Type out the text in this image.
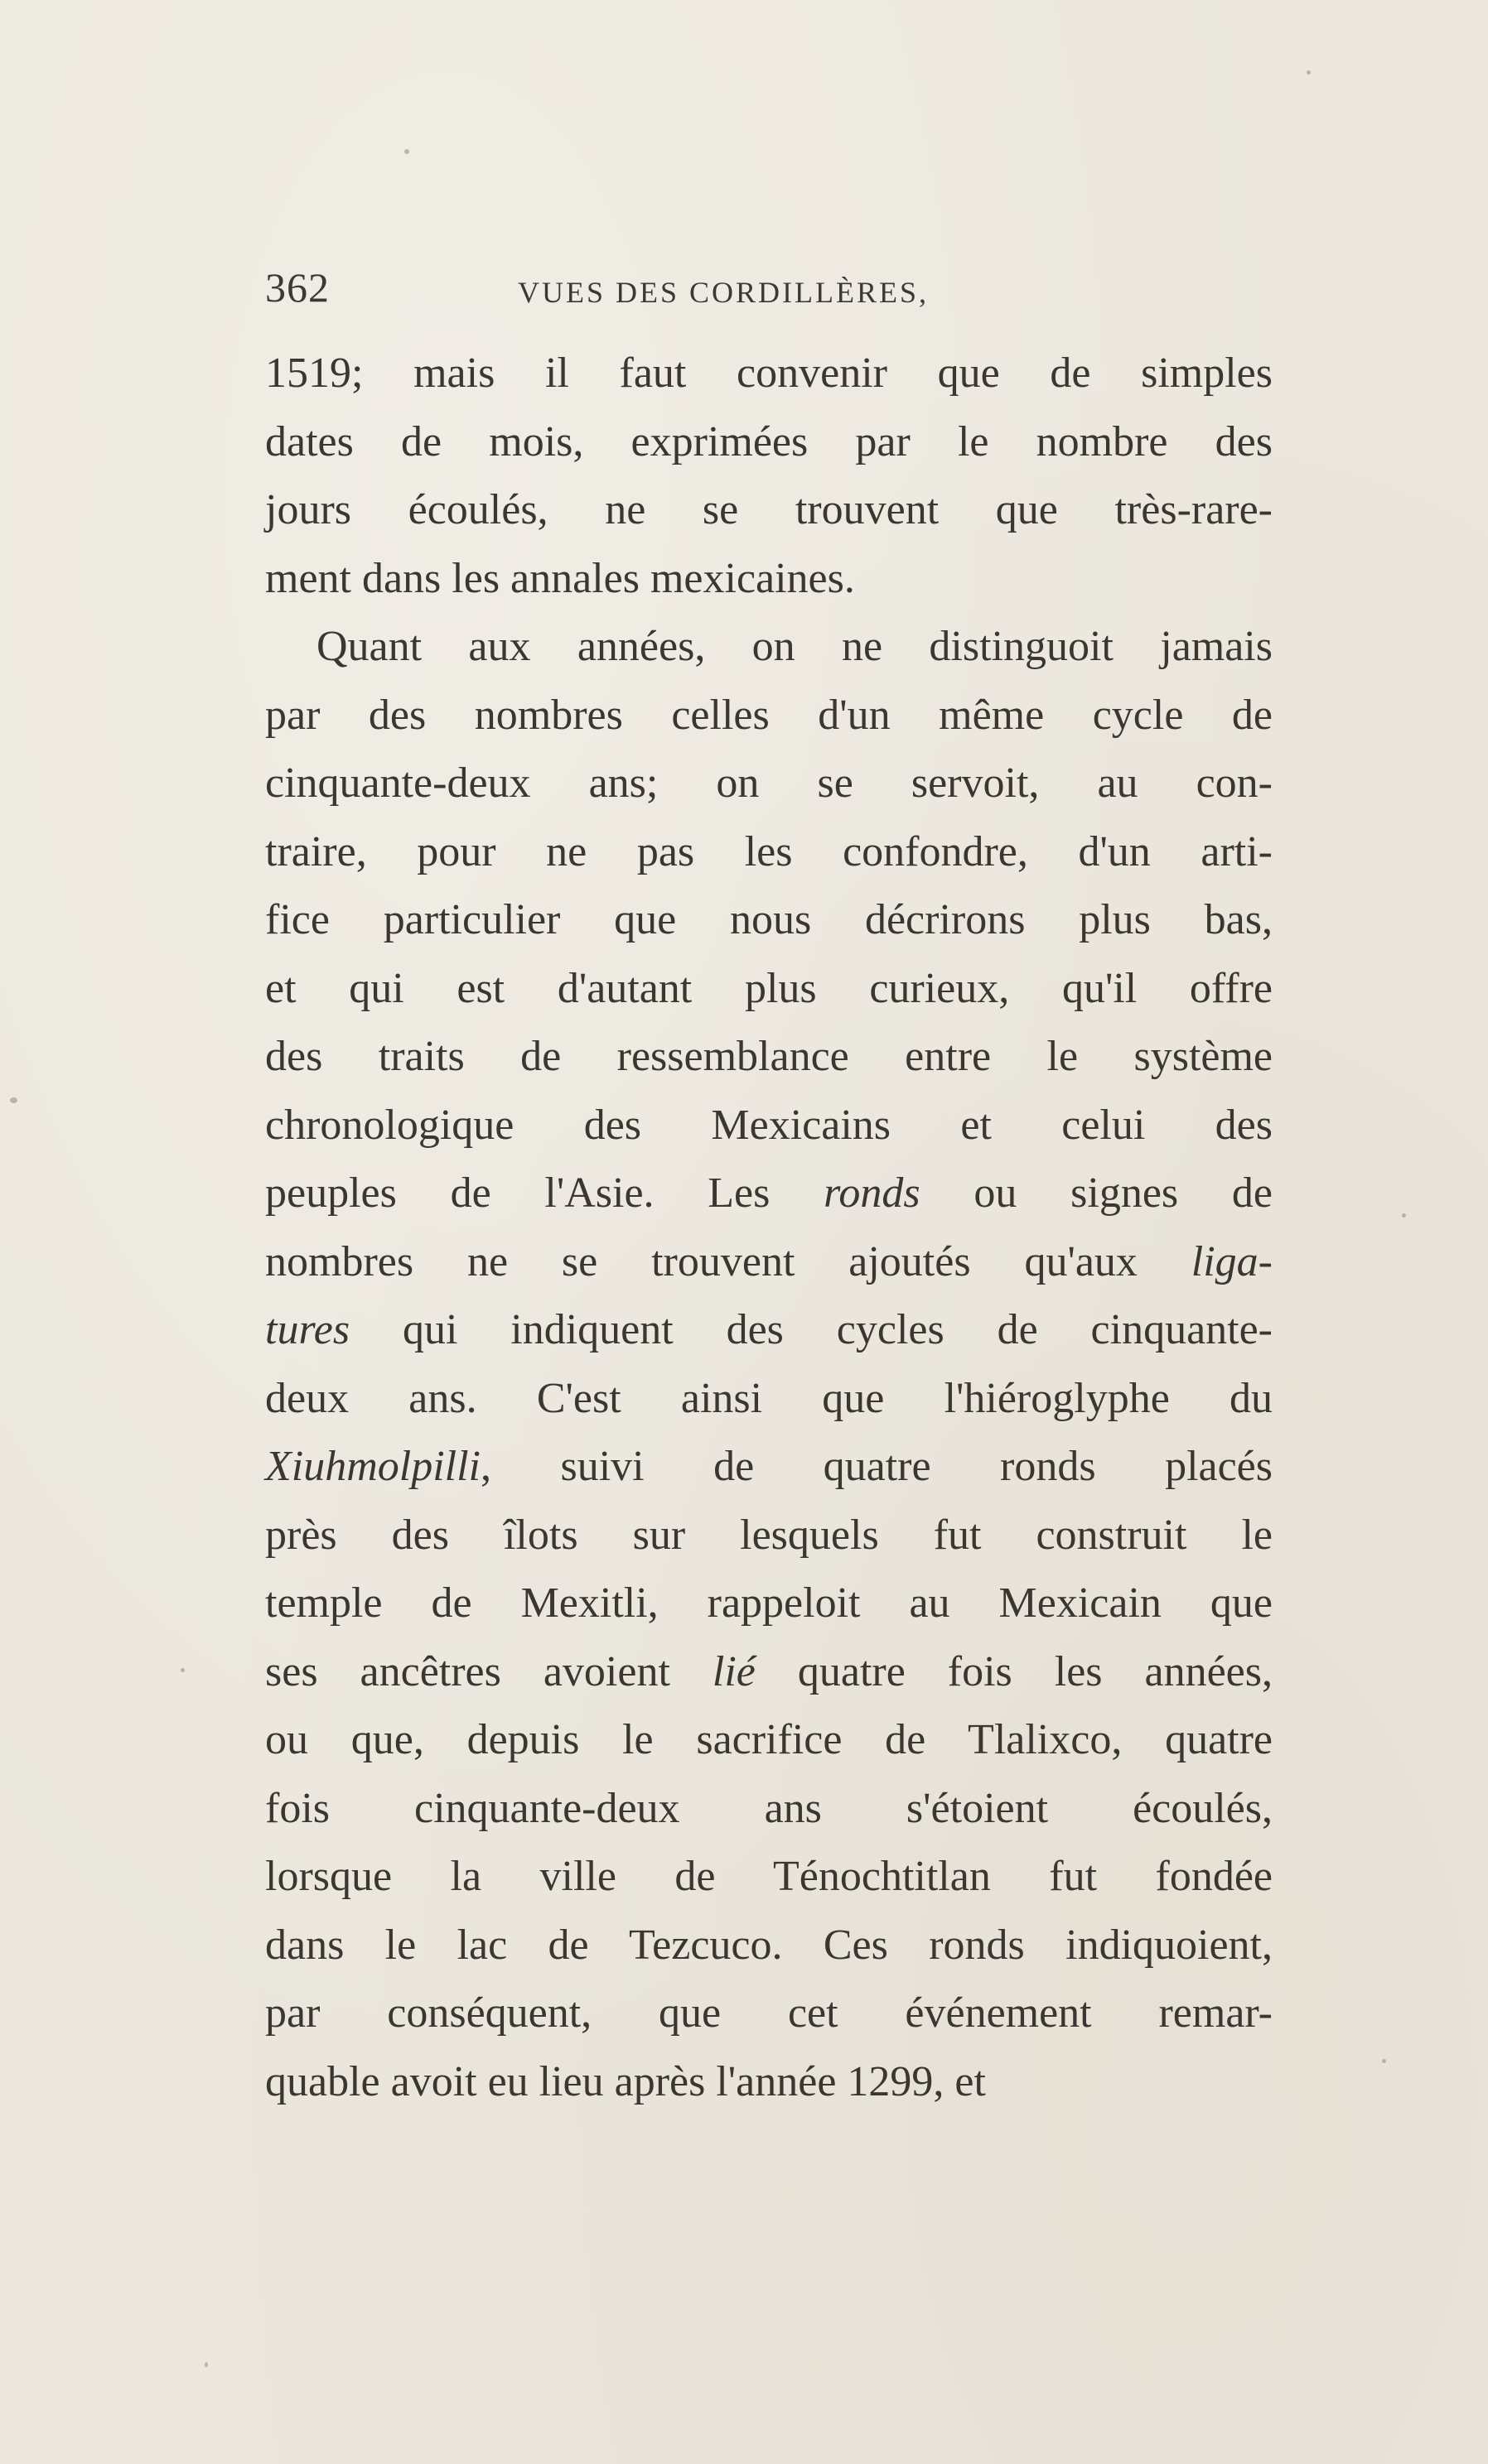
362	VUES DES CORDILLÈRES,
1519; mais il faut convenir que de simples
dates de mois, exprimées par le nombre des
jours écoulés, ne se trouvent que très-rare-
ment dans les annales mexicaines.
Quant aux années, on ne distinguoit jamais
par des nombres celles d'un même cycle de
cinquante-deux ans; on se servoit, au con-
traire, pour ne pas les confondre, d'un arti-
fice particulier que nous décrirons plus bas,
et qui est d'autant plus curieux, qu'il offre
des traits de ressemblance entre le système
chronologique des Mexicains et celui des
peuples de l'Asie. Les ronds ou signes de
nombres ne se trouvent ajoutés qu'aux liga-
tures qui indiquent des cycles de cinquante-
deux ans. C'est ainsi que l'hiéroglyphe du
Xiuhmolpilli, suivi de quatre ronds placés
près des îlots sur lesquels fut construit le
temple de Mexitli, rappeloit au Mexicain que
ses ancêtres avoient lié quatre fois les années,
ou que, depuis le sacrifice de Tlalixco, quatre
fois cinquante-deux ans s'étoient écoulés,
lorsque la ville de Ténochtitlan fut fondée
dans le lac de Tezcuco. Ces ronds indiquoient,
par conséquent, que cet événement remar-
quable avoit eu lieu après l'année 1299, et
